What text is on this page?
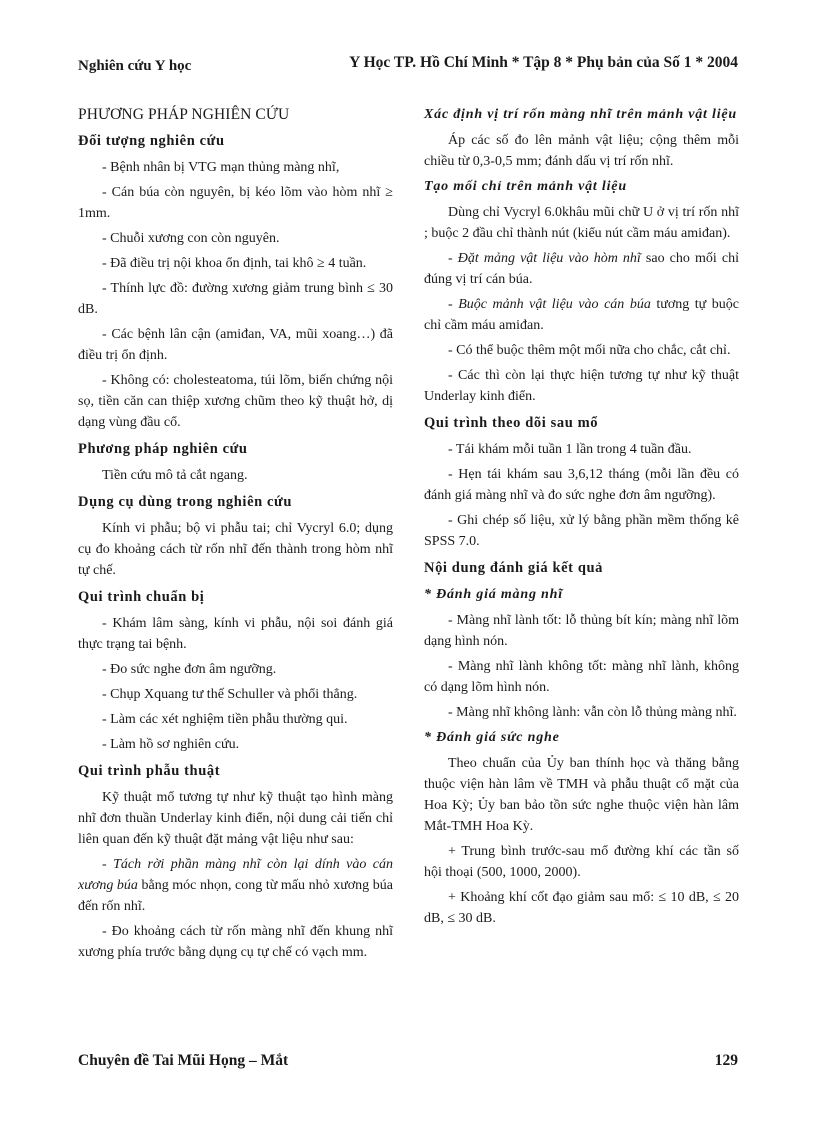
Nghiên cứu Y học	Y Học TP. Hồ Chí Minh * Tập 8 * Phụ bản của Số 1 * 2004
PHƯƠNG PHÁP NGHIÊN CỨU
Đối tượng nghiên cứu
- Bệnh nhân bị VTG mạn thủng màng nhĩ,
- Cán búa còn nguyên, bị kéo lõm vào hòm nhĩ ≥ 1mm.
- Chuỗi xương con còn nguyên.
- Đã điều trị nội khoa ổn định, tai khô ≥ 4 tuần.
- Thính lực đồ: đường xương giảm trung bình ≤ 30 dB.
- Các bệnh lân cận (amiđan, VA, mũi xoang…) đã điều trị ổn định.
- Không có: cholesteatoma, túi lõm, biến chứng nội sọ, tiền căn can thiệp xương chũm theo kỹ thuật hở, dị dạng vùng đầu cổ.
Phương pháp nghiên cứu
Tiền cứu mô tả cắt ngang.
Dụng cụ dùng trong nghiên cứu
Kính vi phẫu; bộ vi phẫu tai; chỉ Vycryl 6.0; dụng cụ đo khoảng cách từ rốn nhĩ đến thành trong hòm nhĩ tự chế.
Qui trình chuẩn bị
- Khám lâm sàng, kính vi phẫu, nội soi đánh giá thực trạng tai bệnh.
- Đo sức nghe đơn âm ngưỡng.
- Chụp Xquang tư thế Schuller và phổi thẳng.
- Làm các xét nghiệm tiền phẫu thường qui.
- Làm hồ sơ nghiên cứu.
Qui trình phẫu thuật
Kỹ thuật mổ tương tự như kỹ thuật tạo hình màng nhĩ đơn thuần Underlay kinh điển, nội dung cải tiến chỉ liên quan đến kỹ thuật đặt mảng vật liệu như sau:
- Tách rời phần màng nhĩ còn lại dính vào cán xương búa bằng móc nhọn, cong từ mấu nhỏ xương búa đến rốn nhĩ.
- Đo khoảng cách từ rốn màng nhĩ đến khung nhĩ xương phía trước bằng dụng cụ tự chế có vạch mm.
Xác định vị trí rốn màng nhĩ trên mảnh vật liệu
Áp các số đo lên mảnh vật liệu; cộng thêm mỗi chiều từ 0,3-0,5 mm; đánh dấu vị trí rốn nhĩ.
Tạo mối chỉ trên mảnh vật liệu
Dùng chỉ Vycryl 6.0khâu mũi chữ U ở vị trí rốn nhĩ ; buộc 2 đầu chỉ thành nút (kiểu nút cầm máu amiđan).
- Đặt mảng vật liệu vào hòm nhĩ sao cho mối chỉ đúng vị trí cán búa.
- Buộc mảnh vật liệu vào cán búa tương tự buộc chỉ cầm máu amiđan.
- Có thể buộc thêm một mối nữa cho chắc, cắt chỉ.
- Các thì còn lại thực hiện tương tự như kỹ thuật Underlay kinh điển.
Qui trình theo dõi sau mổ
- Tái khám mỗi tuần 1 lần trong 4 tuần đầu.
- Hẹn tái khám sau 3,6,12 tháng (mỗi lần đều có đánh giá màng nhĩ và đo sức nghe đơn âm ngưỡng).
- Ghi chép số liệu, xử lý bằng phần mềm thống kê SPSS 7.0.
Nội dung đánh giá kết quả
* Đánh giá màng nhĩ
- Màng nhĩ lành tốt: lỗ thủng bít kín; màng nhĩ lõm dạng hình nón.
- Màng nhĩ lành không tốt: màng nhĩ lành, không có dạng lõm hình nón.
- Màng nhĩ không lành: vẫn còn lỗ thủng màng nhĩ.
* Đánh giá sức nghe
Theo chuẩn của Ủy ban thính học và thăng bằng thuộc viện hàn lâm về TMH và phẫu thuật cổ mặt của Hoa Kỳ; Ủy ban bảo tồn sức nghe thuộc viện hàn lâm Mắt-TMH Hoa Kỳ.
+ Trung bình trước-sau mổ đường khí các tần số hội thoại (500, 1000, 2000).
+ Khoảng khí cốt đạo giảm sau mổ: ≤ 10 dB, ≤ 20 dB, ≤ 30 dB.
Chuyên đề Tai Mũi Họng – Mắt	129
